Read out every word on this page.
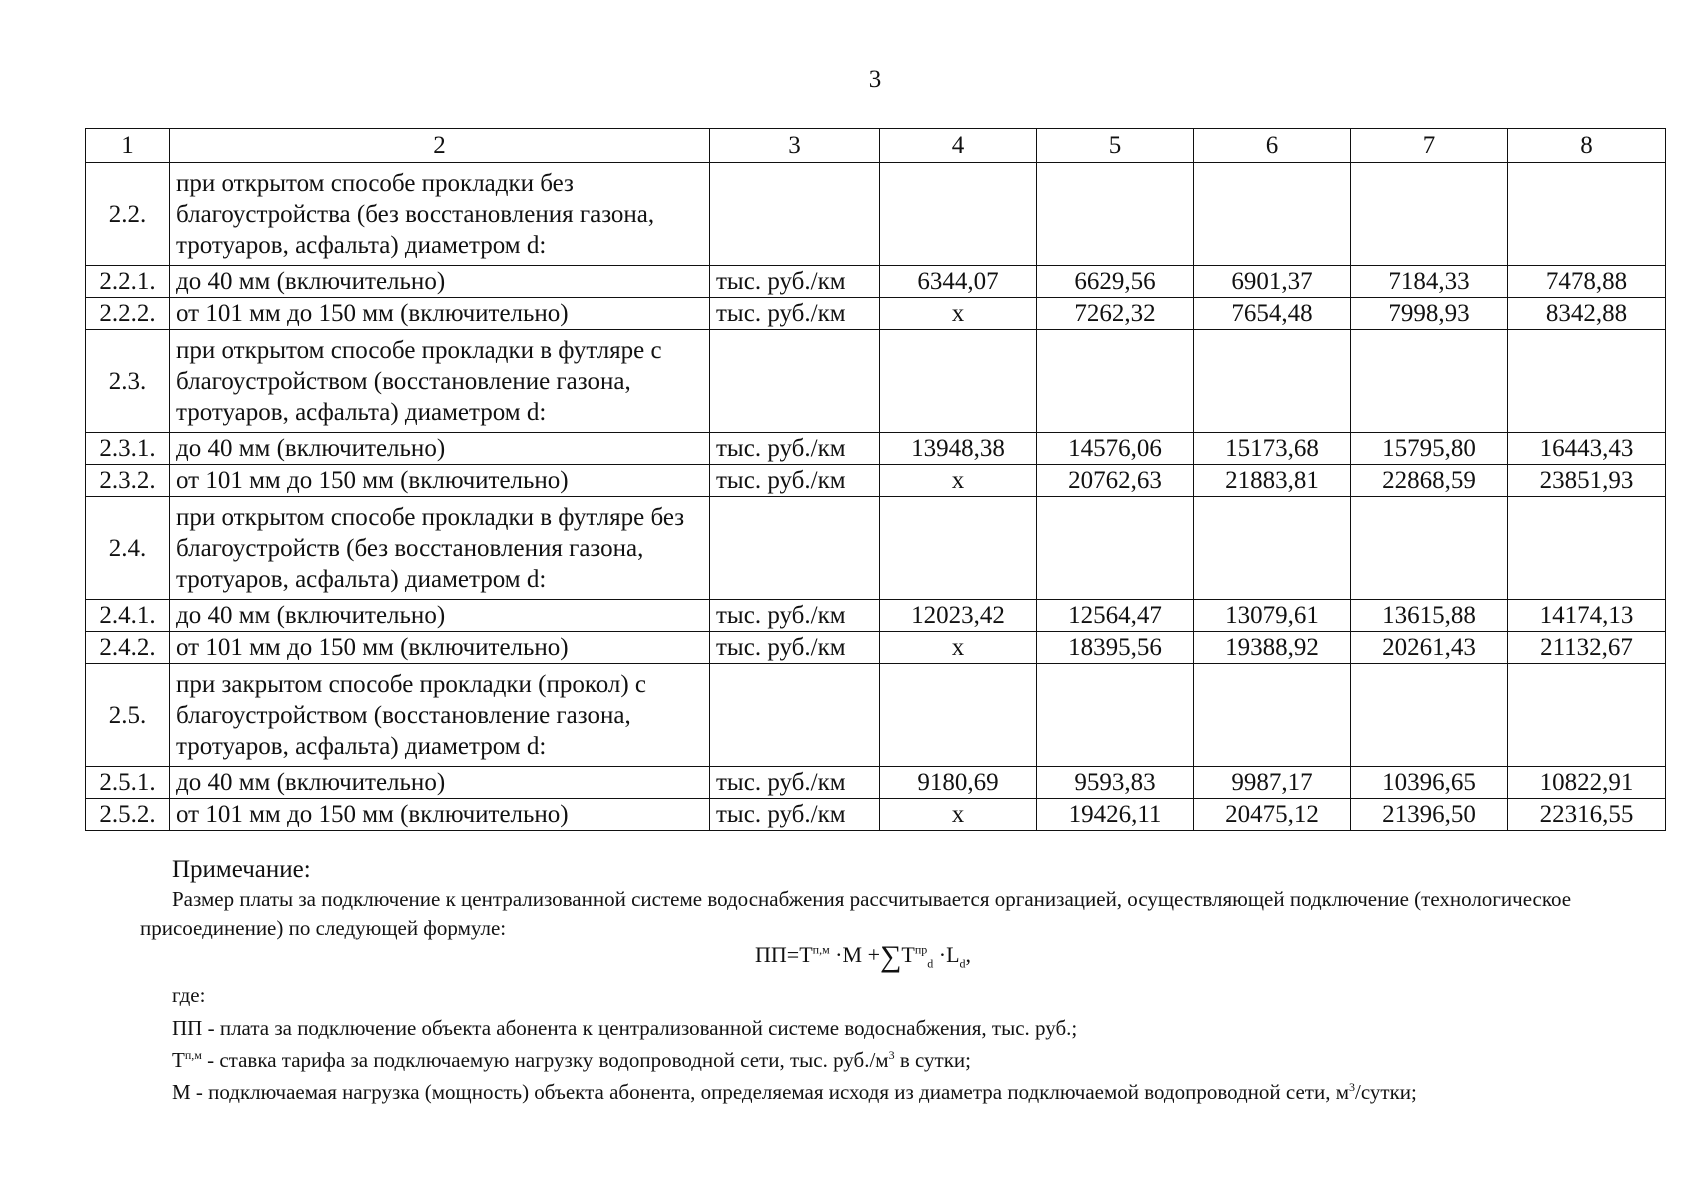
3
1	2	3	4	5	6	7	8
2.2.	при открытом способе прокладки без благоустройства (без восстановления газона, тротуаров, асфальта) диаметром d:						
2.2.1.	до 40 мм (включительно)	тыс. руб./км	6344,07	6629,56	6901,37	7184,33	7478,88
2.2.2.	от 101 мм до 150 мм (включительно)	тыс. руб./км	x	7262,32	7654,48	7998,93	8342,88
2.3.	при открытом способе прокладки в футляре с благоустройством (восстановление газона, тротуаров, асфальта) диаметром d:						
2.3.1.	до 40 мм (включительно)	тыс. руб./км	13948,38	14576,06	15173,68	15795,80	16443,43
2.3.2.	от 101 мм до 150 мм (включительно)	тыс. руб./км	x	20762,63	21883,81	22868,59	23851,93
2.4.	при открытом способе прокладки в футляре без благоустройств (без восстановления газона, тротуаров, асфальта) диаметром d:						
2.4.1.	до 40 мм (включительно)	тыс. руб./км	12023,42	12564,47	13079,61	13615,88	14174,13
2.4.2.	от 101 мм до 150 мм (включительно)	тыс. руб./км	x	18395,56	19388,92	20261,43	21132,67
2.5.	при закрытом способе прокладки (прокол) с благоустройством (восстановление газона, тротуаров, асфальта) диаметром d:						
2.5.1.	до 40 мм (включительно)	тыс. руб./км	9180,69	9593,83	9987,17	10396,65	10822,91
2.5.2.	от 101 мм до 150 мм (включительно)	тыс. руб./км	x	19426,11	20475,12	21396,50	22316,55
Примечание:
Размер платы за подключение к централизованной системе водоснабжения рассчитывается организацией, осуществляющей подключение (технологическое присоединение) по следующей формуле:
$ПП=Т^{п,м} \cdot М +\sum Т^{пр}_d \cdot L_d$,
где:
ПП - плата за подключение объекта абонента к централизованной системе водоснабжения, тыс. руб.;
$Т^{п,м}$ - ставка тарифа за подключаемую нагрузку водопроводной сети, тыс. $руб./м^3$ в сутки;
М - подключаемая нагрузка (мощность) объекта абонента, определяемая исходя из диаметра подключаемой водопроводной сети, $м^3$/сутки;
